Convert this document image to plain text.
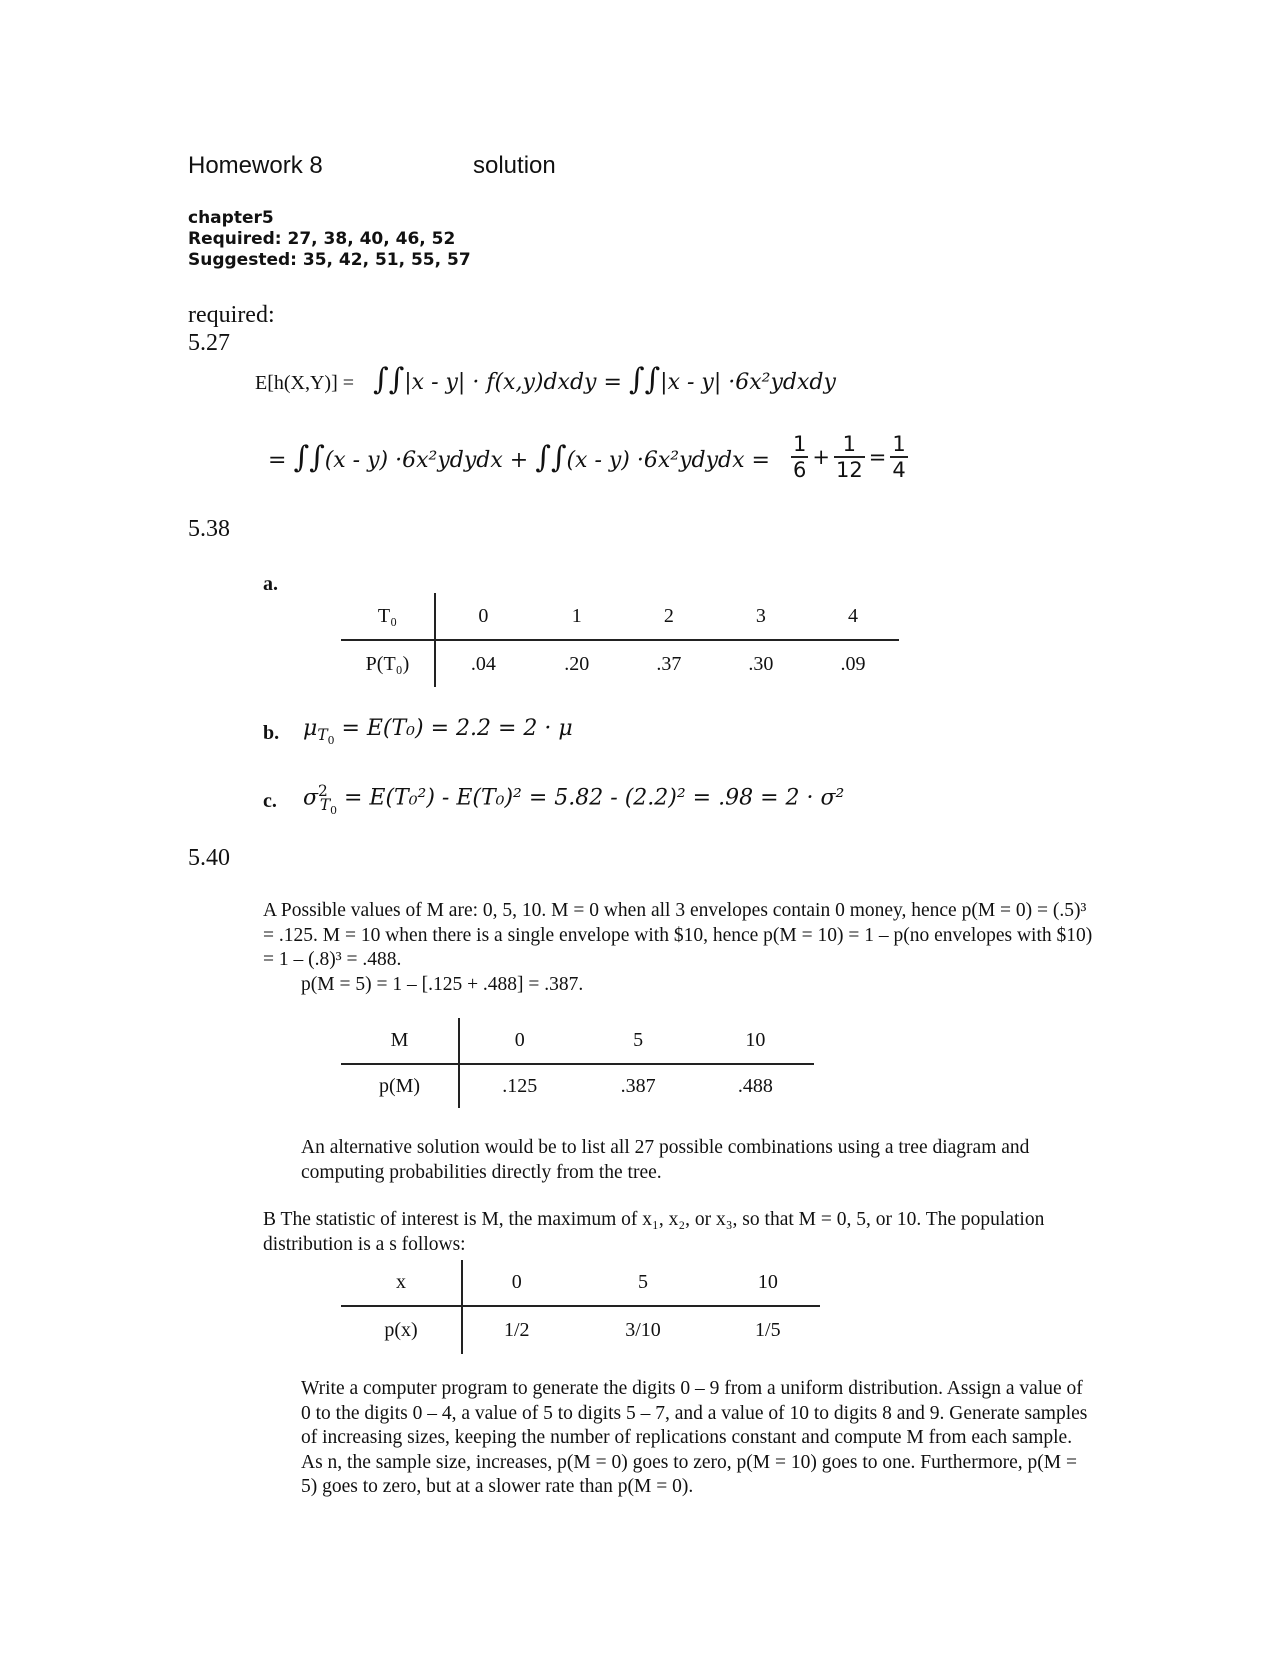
Homework 8	solution
chapter5
Required: 27, 38, 40, 46, 52
Suggested: 35, 42, 51, 55, 57
required:
5.27
E[h(X,Y)] = ∫∫|x - y| · f(x,y)dxdy = ∫∫|x - y| ·6x²ydxdy
= ∫∫(x - y) ·6x²ydydx + ∫∫(x - y) ·6x²ydydx = $\frac{1}{6} + \frac{1}{12} = \frac{1}{4}$
5.38
a.
T₀	0	1	2	3	4
P(T₀)	.04	.20	.37	.30	.09
b. $\mu_{T_0} = E(T_0) = 2.2 = 2 \cdot \mu$
c. $\sigma^2_{T_0} = E(T_0^2) - E(T_0)^2 = 5.82 - (2.2)^2 = .98 = 2 \cdot \sigma^2$
5.40
A Possible values of M are: 0, 5, 10. M = 0 when all 3 envelopes contain 0 money, hence p(M = 0) = (.5)³ = .125. M = 10 when there is a single envelope with $10, hence p(M = 10) = 1 – p(no envelopes with $10) = 1 – (.8)³ = .488.
p(M = 5) = 1 – [.125 + .488] = .387.
M	0	5	10
p(M)	.125	.387	.488
An alternative solution would be to list all 27 possible combinations using a tree diagram and computing probabilities directly from the tree.
B The statistic of interest is M, the maximum of x₁, x₂, or x₃, so that M = 0, 5, or 10. The population distribution is a s follows:
x	0	5	10
p(x)	1/2	3/10	1/5
Write a computer program to generate the digits 0 – 9 from a uniform distribution. Assign a value of 0 to the digits 0 – 4, a value of 5 to digits 5 – 7, and a value of 10 to digits 8 and 9. Generate samples of increasing sizes, keeping the number of replications constant and compute M from each sample. As n, the sample size, increases, p(M = 0) goes to zero, p(M = 10) goes to one. Furthermore, p(M = 5) goes to zero, but at a slower rate than p(M = 0).
